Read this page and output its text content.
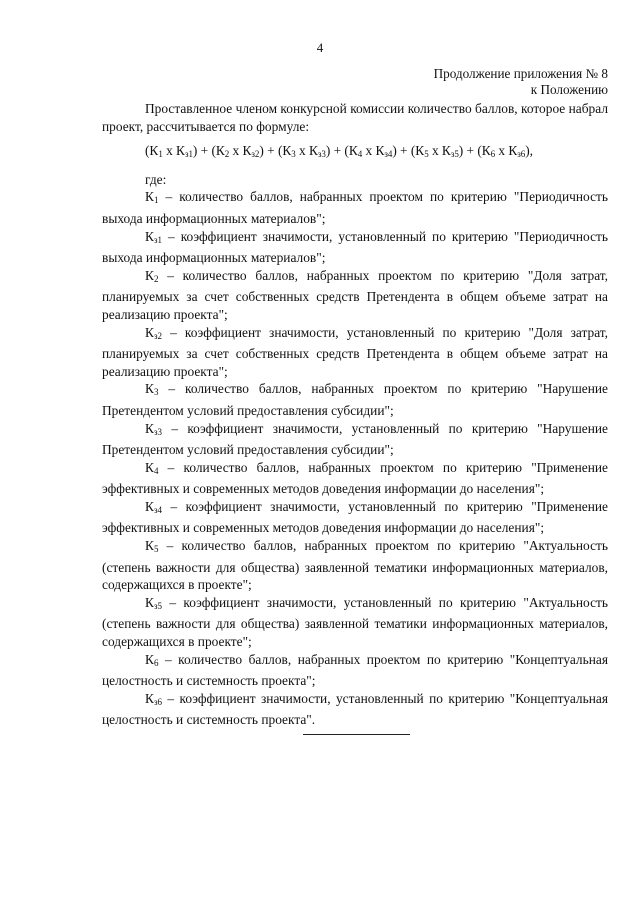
4
Продолжение приложения № 8
к Положению

Проставленное членом конкурсной комиссии количество баллов, которое набрал проект, рассчитывается по формуле:

($К_1$ x $К_{з1}) + (К_2$ x $К_{з2}) + (К_3$ x $К_{з3}) + (К_4$ x $К_{з4}) + (К_5$ x $К_{з5}) + (К_6$ x $К_{з6}$),

где:

$К_1$ – количество баллов, набранных проектом по критерию "Периодичность выхода информационных материалов";

$К_{з1}$ – коэффициент значимости, установленный по критерию "Периодичность выхода информационных материалов";

$К_2$ – количество баллов, набранных проектом по критерию "Доля затрат, планируемых за счет собственных средств Претендента в общем объеме затрат на реализацию проекта";

$К_{з2}$ – коэффициент значимости, установленный по критерию "Доля затрат, планируемых за счет собственных средств Претендента в общем объеме затрат на реализацию проекта";

$К_3$ – количество баллов, набранных проектом по критерию "Нарушение Претендентом условий предоставления субсидии";

$К_{з3}$ – коэффициент значимости, установленный по критерию "Нарушение Претендентом условий предоставления субсидии";

$К_4$ – количество баллов, набранных проектом по критерию "Применение эффективных и современных методов доведения информации до населения";

$К_{з4}$ – коэффициент значимости, установленный по критерию "Применение эффективных и современных методов доведения информации до населения";

$К_5$ – количество баллов, набранных проектом по критерию "Актуальность (степень важности для общества) заявленной тематики информационных материалов, содержащихся в проекте";

$К_{з5}$ – коэффициент значимости, установленный по критерию "Актуальность (степень важности для общества) заявленной тематики информационных материалов, содержащихся в проекте";

$К_6$ – количество баллов, набранных проектом по критерию "Концептуальная целостность и системность проекта";

$К_{з6}$ – коэффициент значимости, установленный по критерию "Концептуальная целостность и системность проекта".
